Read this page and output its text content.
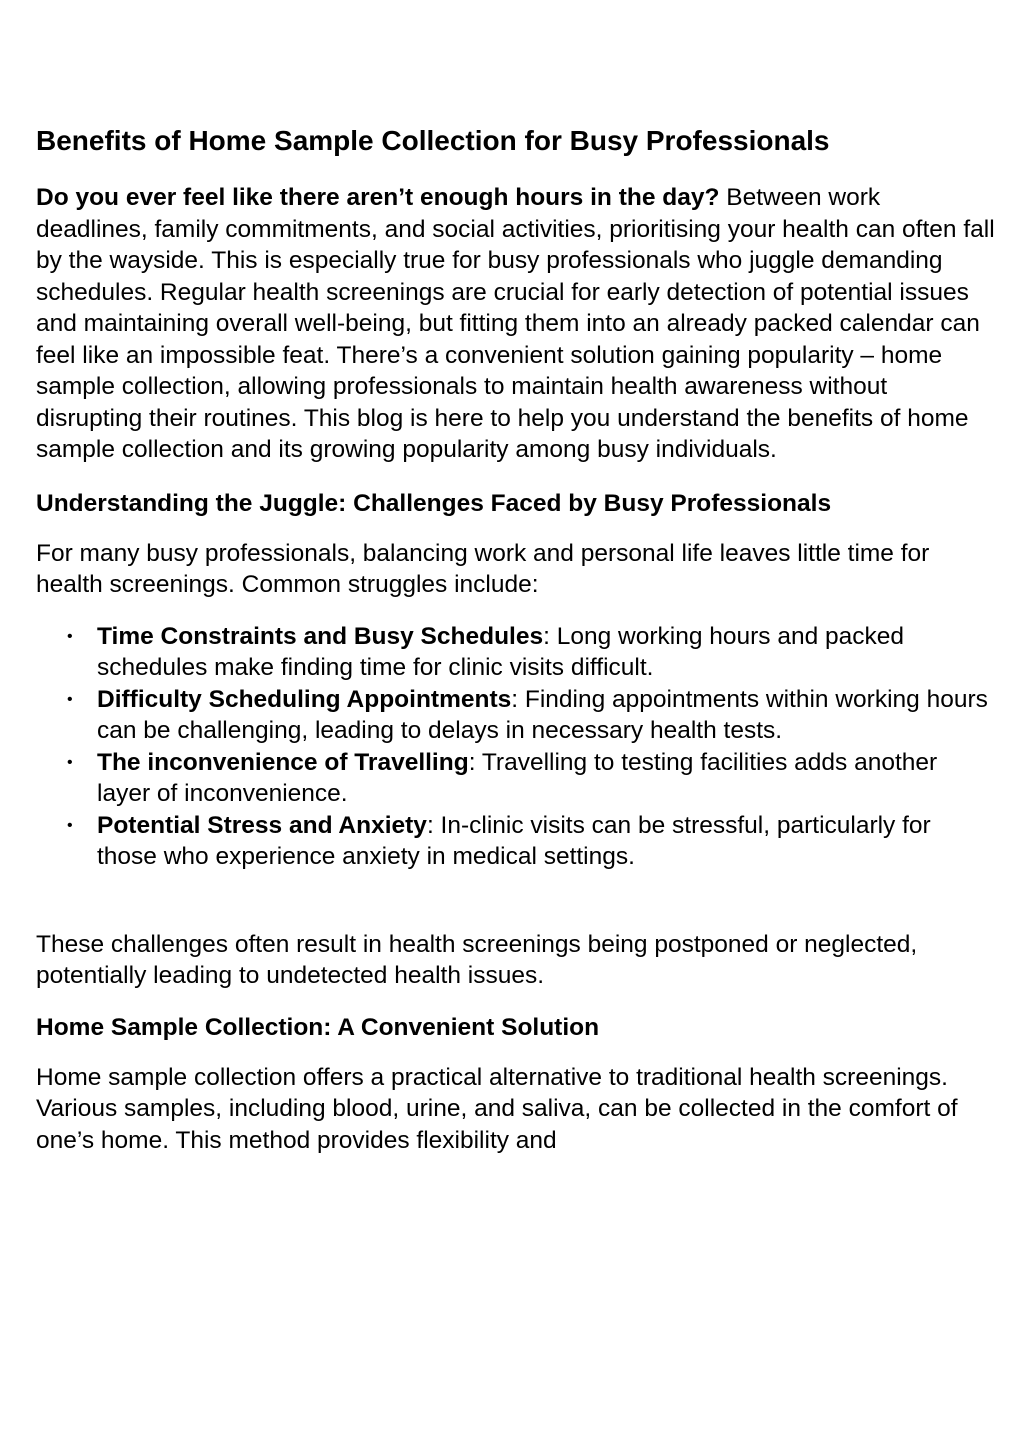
Benefits of Home Sample Collection for Busy Professionals

Do you ever feel like there aren’t enough hours in the day? Between work deadlines, family commitments, and social activities, prioritising your health can often fall by the wayside. This is especially true for busy professionals who juggle demanding schedules. Regular health screenings are crucial for early detection of potential issues and maintaining overall well-being, but fitting them into an already packed calendar can feel like an impossible feat. There’s a convenient solution gaining popularity – home sample collection, allowing professionals to maintain health awareness without disrupting their routines. This blog is here to help you understand the benefits of home sample collection and its growing popularity among busy individuals.

Understanding the Juggle: Challenges Faced by Busy Professionals

For many busy professionals, balancing work and personal life leaves little time for health screenings. Common struggles include:

• Time Constraints and Busy Schedules: Long working hours and packed schedules make finding time for clinic visits difficult.
• Difficulty Scheduling Appointments: Finding appointments within working hours can be challenging, leading to delays in necessary health tests.
• The inconvenience of Travelling: Travelling to testing facilities adds another layer of inconvenience.
• Potential Stress and Anxiety: In-clinic visits can be stressful, particularly for those who experience anxiety in medical settings.

These challenges often result in health screenings being postponed or neglected, potentially leading to undetected health issues.

Home Sample Collection: A Convenient Solution

Home sample collection offers a practical alternative to traditional health screenings. Various samples, including blood, urine, and saliva, can be collected in the comfort of one’s home. This method provides flexibility and
